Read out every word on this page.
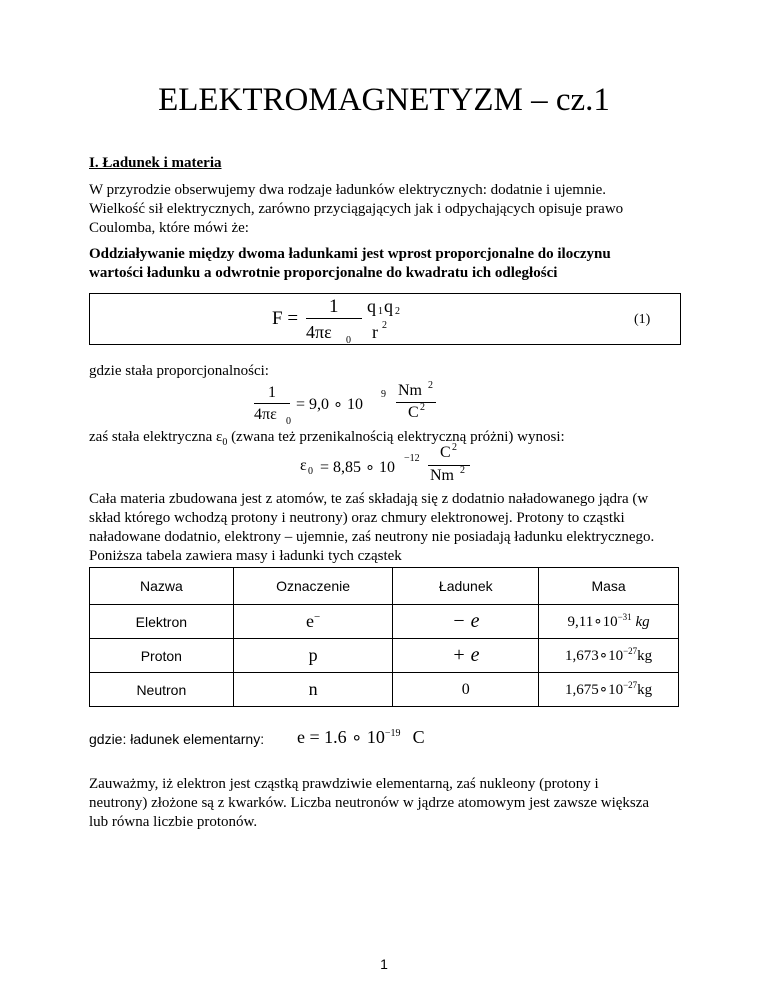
ELEKTROMAGNETYZM – cz.1
I. Ładunek i materia
W przyrodzie obserwujemy dwa rodzaje ładunków elektrycznych: dodatnie i ujemnie.
Wielkość sił elektrycznych, zarówno przyciągających jak i odpychających opisuje prawo
Coulomba, które mówi że:
Oddziaływanie między dwoma ładunkami jest wprost proporcjonalne do iloczynu
wartości ładunku a odwrotnie proporcjonalne do kwadratu ich odległości
F =
1
4πε 0
q 1 q 2
r 2	(1)
gdzie stała proporcjonalności:
1
4πε 0
= 9,0 ∘ 10
9 Nm 2
C 2
zaś stała elektryczna $\varepsilon_0$ (zwana też przenikalnością elektryczną próżni) wynosi:
ε 0 = 8,85 ∘ 10
−12 C 2
Nm 2
Cała materia zbudowana jest z atomów, te zaś składają się z dodatnio naładowanego jądra (w
skład którego wchodzą protony i neutrony) oraz chmury elektronowej. Protony to cząstki
naładowane dodatnio, elektrony – ujemnie, zaś neutrony nie posiadają ładunku elektrycznego.
Poniższa tabela zawiera masy i ładunki tych cząstek
Nazwa	Oznaczenie	Ładunek	Masa
Elektron	e−	− e	$9,11\circ 10^{-31}$ kg
Proton	p	+ e	$1,673\circ 10^{-27}kg$
Neutron	n	0	$1,675\circ 10^{-27}kg$
gdzie: ładunek elementarny: e = 1.6 ∘ $10^{-19}$ C
Zauważmy, iż elektron jest cząstką prawdziwie elementarną, zaś nukleony (protony i
neutrony) złożone są z kwarków. Liczba neutronów w jądrze atomowym jest zawsze większa
lub równa liczbie protonów.
1
